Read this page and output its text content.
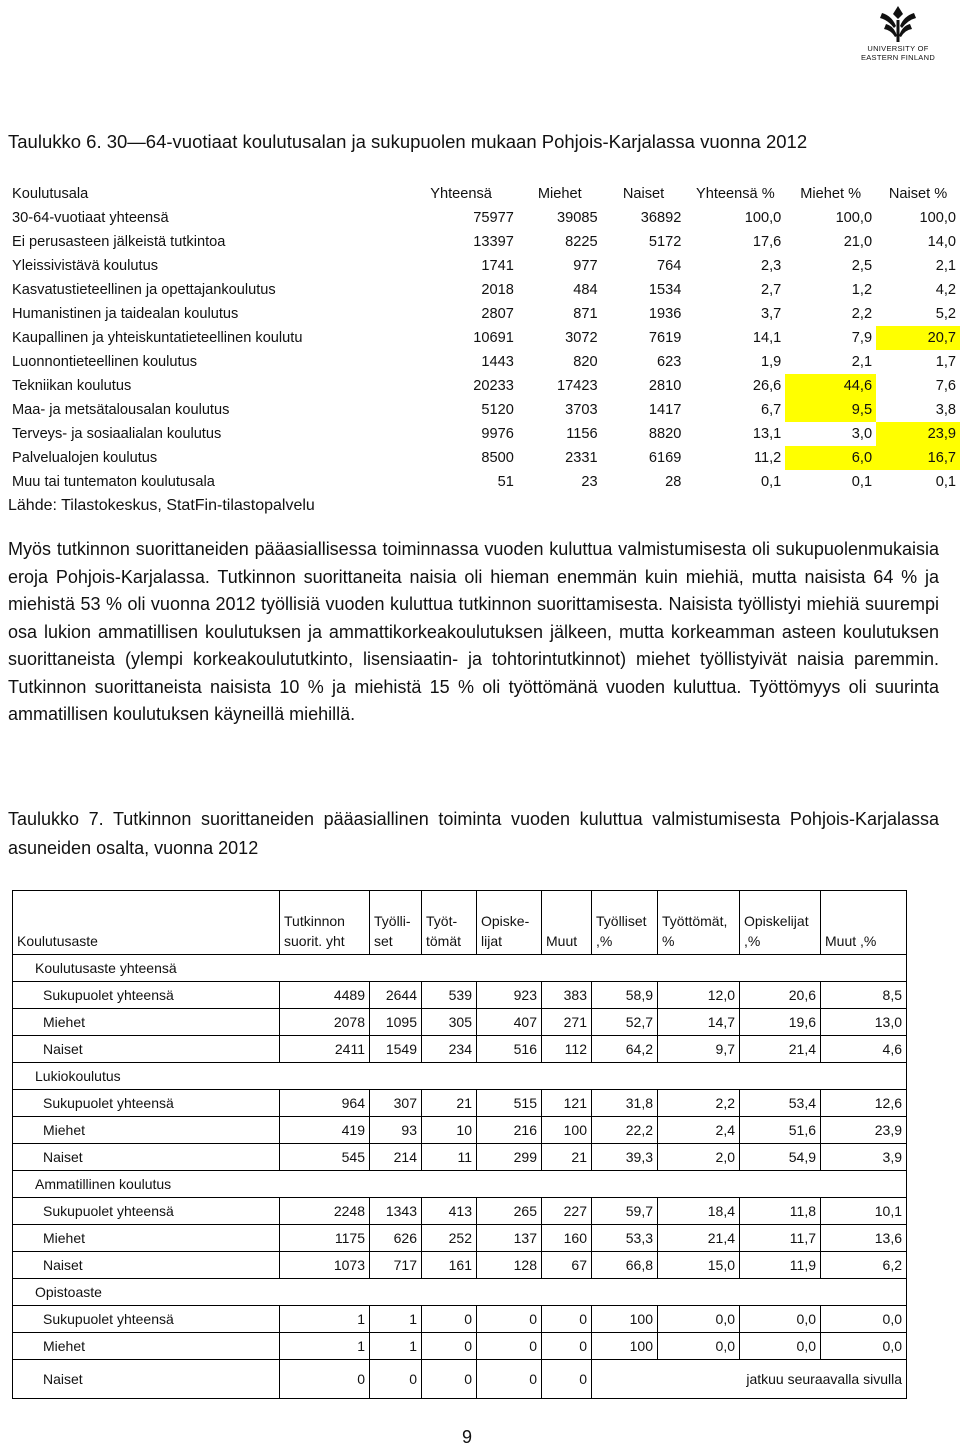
UNIVERSITY OF
EASTERN FINLAND
Taulukko 6. 30—64-vuotiaat koulutusalan ja sukupuolen mukaan Pohjois-Karjalassa vuonna 2012
Koulutusala	Yhteensä	Miehet	Naiset	Yhteensä %	Miehet %	Naiset %
30-64-vuotiaat yhteensä	75977	39085	36892	100,0	100,0	100,0
Ei perusasteen jälkeistä tutkintoa	13397	8225	5172	17,6	21,0	14,0
Yleissivistävä koulutus	1741	977	764	2,3	2,5	2,1
Kasvatustieteellinen ja opettajankoulutus	2018	484	1534	2,7	1,2	4,2
Humanistinen ja taidealan koulutus	2807	871	1936	3,7	2,2	5,2
Kaupallinen ja yhteiskuntatieteellinen koulutu	10691	3072	7619	14,1	7,9	20,7
Luonnontieteellinen koulutus	1443	820	623	1,9	2,1	1,7
Tekniikan koulutus	20233	17423	2810	26,6	44,6	7,6
Maa- ja metsätalousalan koulutus	5120	3703	1417	6,7	9,5	3,8
Terveys- ja sosiaalialan koulutus	9976	1156	8820	13,1	3,0	23,9
Palvelualojen koulutus	8500	2331	6169	11,2	6,0	16,7
Muu tai tuntematon koulutusala	51	23	28	0,1	0,1	0,1
Lähde: Tilastokeskus, StatFin-tilastopalvelu
Myös tutkinnon suorittaneiden pääasiallisessa toiminnassa vuoden kuluttua valmistumisesta oli sukupuolenmukaisia eroja Pohjois-Karjalassa. Tutkinnon suorittaneita naisia oli hieman enemmän kuin miehiä, mutta naisista 64 % ja miehistä 53 % oli vuonna 2012 työllisiä vuoden kuluttua tutkinnon suorittamisesta. Naisista työllistyi miehiä suurempi osa lukion ammatillisen koulutuksen ja ammattikorkeakoulutuksen jälkeen, mutta korkeamman asteen koulutuksen suorittaneista (ylempi korkeakoulututkinto, lisensiaatin- ja tohtorintutkinnot) miehet työllistyivät naisia paremmin. Tutkinnon suorittaneista naisista 10 % ja miehistä 15 % oli työttömänä vuoden kuluttua. Työttömyys oli suurinta ammatillisen koulutuksen käyneillä miehillä.
Taulukko 7. Tutkinnon suorittaneiden pääasiallinen toiminta vuoden kuluttua valmistumisesta Pohjois-Karjalassa asuneiden osalta, vuonna 2012
Koulutusaste	Tutkinnon suorit. yht	Työlli-set	Työt-tömät	Opiske-lijat	Muut	Työlliset ,%	Työttömät, %	Opiskelijat ,%	Muut ,%
Koulutusaste yhteensä									
Sukupuolet yhteensä	4489	2644	539	923	383	58,9	12,0	20,6	8,5
Miehet	2078	1095	305	407	271	52,7	14,7	19,6	13,0
Naiset	2411	1549	234	516	112	64,2	9,7	21,4	4,6
Lukiokoulutus									
Sukupuolet yhteensä	964	307	21	515	121	31,8	2,2	53,4	12,6
Miehet	419	93	10	216	100	22,2	2,4	51,6	23,9
Naiset	545	214	11	299	21	39,3	2,0	54,9	3,9
Ammatillinen koulutus									
Sukupuolet yhteensä	2248	1343	413	265	227	59,7	18,4	11,8	10,1
Miehet	1175	626	252	137	160	53,3	21,4	11,7	13,6
Naiset	1073	717	161	128	67	66,8	15,0	11,9	6,2
Opistoaste									
Sukupuolet yhteensä	1	1	0	0	0	100	0,0	0,0	0,0
Miehet	1	1	0	0	0	100	0,0	0,0	0,0
Naiset	0	0	0	0	0	jatkuu seuraavalla sivulla			
9
